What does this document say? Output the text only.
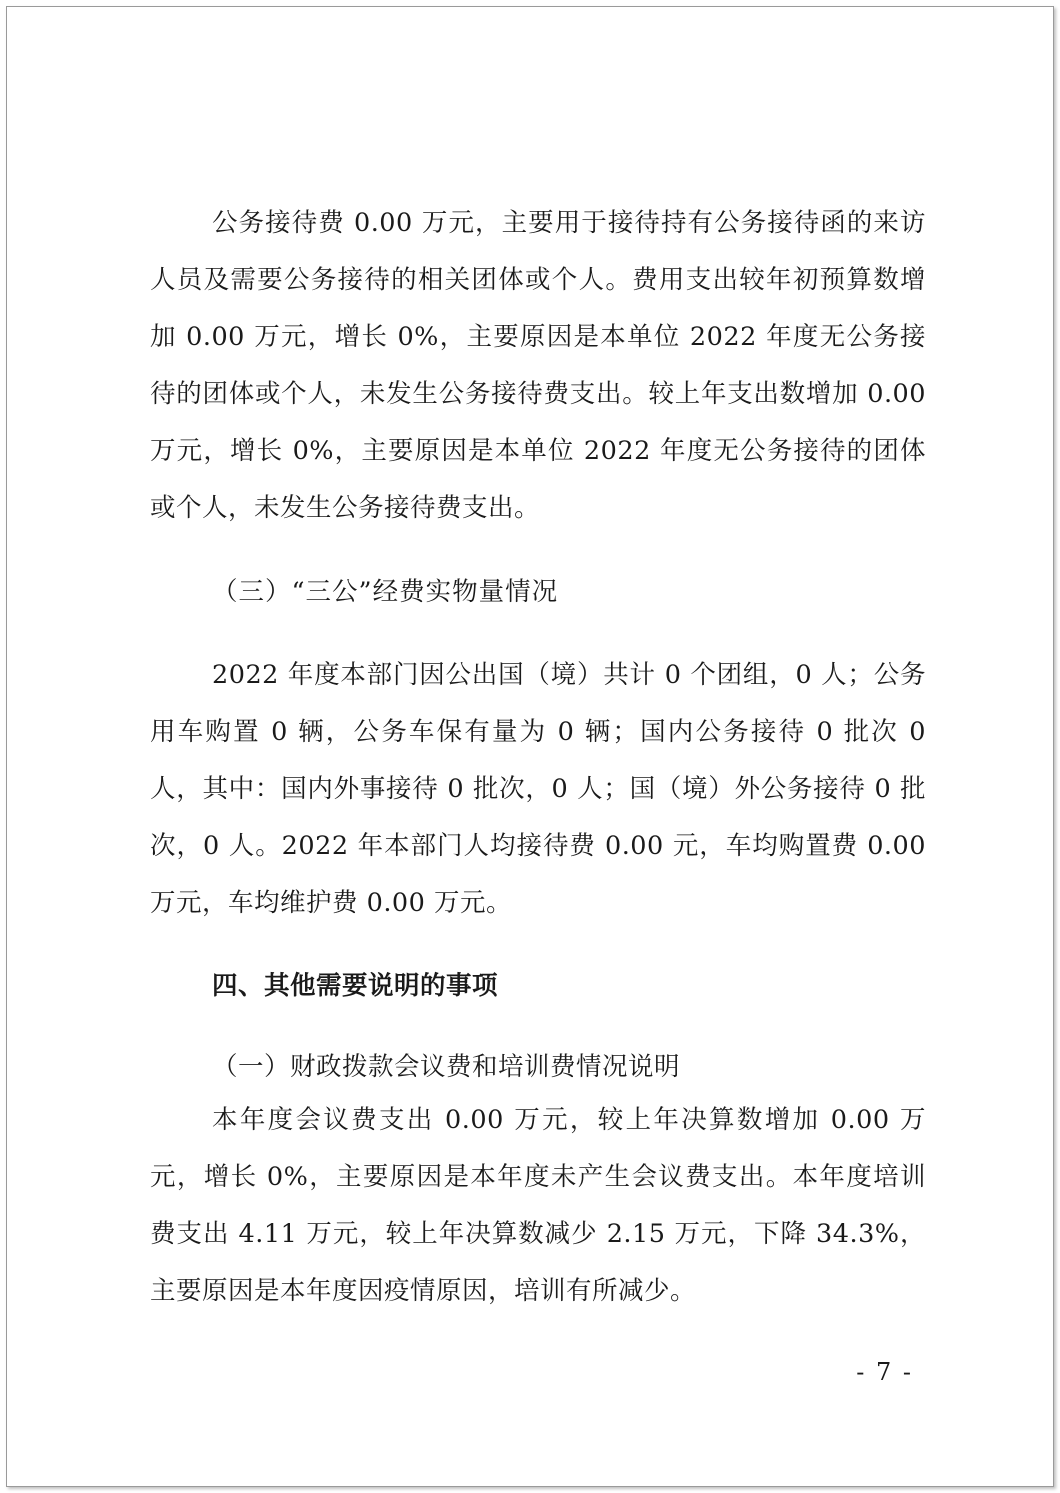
公务接待费 0.00 万元，主要用于接待持有公务接待函的来访人员及需要公务接待的相关团体或个人。费用支出较年初预算数增加 0.00 万元，增长 0%，主要原因是本单位 2022 年度无公务接待的团体或个人，未发生公务接待费支出。较上年支出数增加 0.00 万元，增长 0%，主要原因是本单位 2022 年度无公务接待的团体或个人，未发生公务接待费支出。

（三）“三公”经费实物量情况

2022 年度本部门因公出国（境）共计 0 个团组，0 人；公务用车购置 0 辆，公务车保有量为 0 辆；国内公务接待 0 批次 0 人，其中：国内外事接待 0 批次，0 人；国（境）外公务接待 0 批次，0 人。2022 年本部门人均接待费 0.00 元，车均购置费 0.00 万元，车均维护费 0.00 万元。

四、其他需要说明的事项

（一）财政拨款会议费和培训费情况说明

本年度会议费支出 0.00 万元，较上年决算数增加 0.00 万元，增长 0%，主要原因是本年度未产生会议费支出。本年度培训费支出 4.11 万元，较上年决算数减少 2.15 万元，下降 34.3%，主要原因是本年度因疫情原因，培训有所减少。

- 7 -
